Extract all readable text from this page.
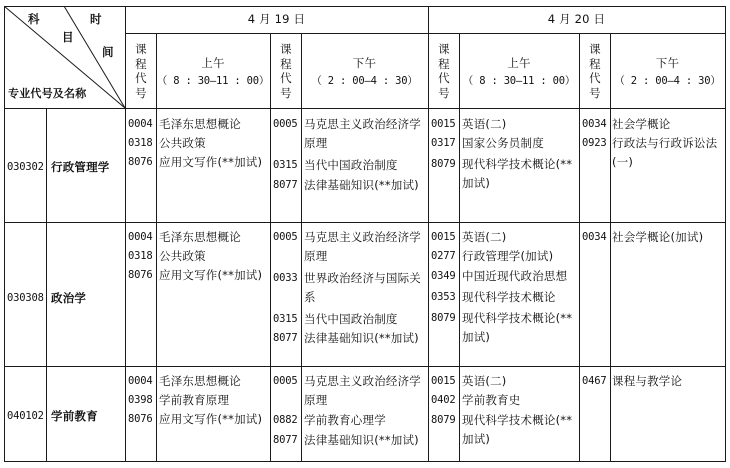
科	时
目
间
专业代号及名称
4 月 19 日	4 月 20 日
课程代号
课程代号
课程代号
课程代号
上午
（ 8 : 30—11 : 00）
下午
（ 2 : 00—4 : 30）
上午
（ 8 : 30—11 : 00）
下午
（ 2 : 00—4 : 30）
030302 行政管理学
0004
0318
8076
毛泽东思想概论
公共政策
应用文写作(**加试)
0005
0315
8077
马克思主义政治经济学
原理
当代中国政治制度
法律基础知识(**加试)
0015
0317
8079
英语(二)
国家公务员制度
现代科学技术概论(**
加试)
0034
0923
社会学概论
行政法与行政诉讼法
(一)
030308 政治学
0004
0318
8076
毛泽东思想概论
公共政策
应用文写作(**加试)
0005
0033
0315
8077
马克思主义政治经济学
原理
世界政治经济与国际关
系
当代中国政治制度
法律基础知识(**加试)
0015
0277
0349
0353
8079
英语(二)
行政管理学(加试)
中国近现代政治思想
现代科学技术概论
现代科学技术概论(**
加试)
0034 社会学概论(加试)
040102 学前教育
0004
0398
8076
毛泽东思想概论
学前教育原理
应用文写作(**加试)
0005
0882
8077
马克思主义政治经济学
原理
学前教育心理学
法律基础知识(**加试)
0015
0402
8079
英语(二)
学前教育史
现代科学技术概论(**
加试)
0467 课程与教学论
